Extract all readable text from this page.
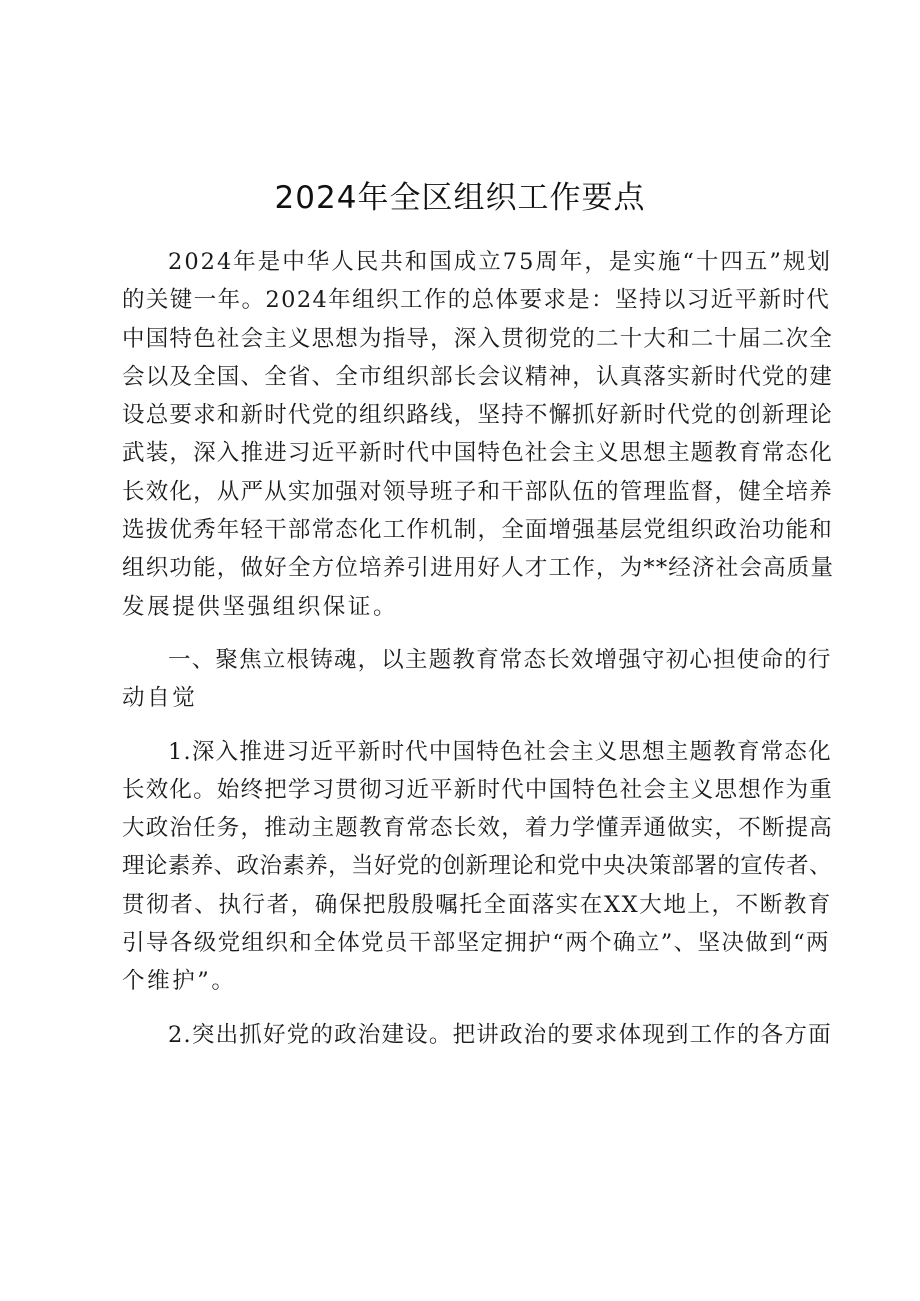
2024年全区组织工作要点

2024年是中华人民共和国成立75周年，是实施“十四五”规划
的关键一年。2024年组织工作的总体要求是：坚持以习近平新时代
中国特色社会主义思想为指导，深入贯彻党的二十大和二十届二次全
会以及全国、全省、全市组织部长会议精神，认真落实新时代党的建
设总要求和新时代党的组织路线，坚持不懈抓好新时代党的创新理论
武装，深入推进习近平新时代中国特色社会主义思想主题教育常态化
长效化，从严从实加强对领导班子和干部队伍的管理监督，健全培养
选拔优秀年轻干部常态化工作机制，全面增强基层党组织政治功能和
组织功能，做好全方位培养引进用好人才工作，为**经济社会高质量
发展提供坚强组织保证。

一、聚焦立根铸魂，以主题教育常态长效增强守初心担使命的行
动自觉

1.深入推进习近平新时代中国特色社会主义思想主题教育常态化
长效化。始终把学习贯彻习近平新时代中国特色社会主义思想作为重
大政治任务，推动主题教育常态长效，着力学懂弄通做实，不断提高
理论素养、政治素养，当好党的创新理论和党中央决策部署的宣传者、
贯彻者、执行者，确保把殷殷嘱托全面落实在XX大地上，不断教育
引导各级党组织和全体党员干部坚定拥护“两个确立”、坚决做到“两
个维护”。

2.突出抓好党的政治建设。把讲政治的要求体现到工作的各方面
